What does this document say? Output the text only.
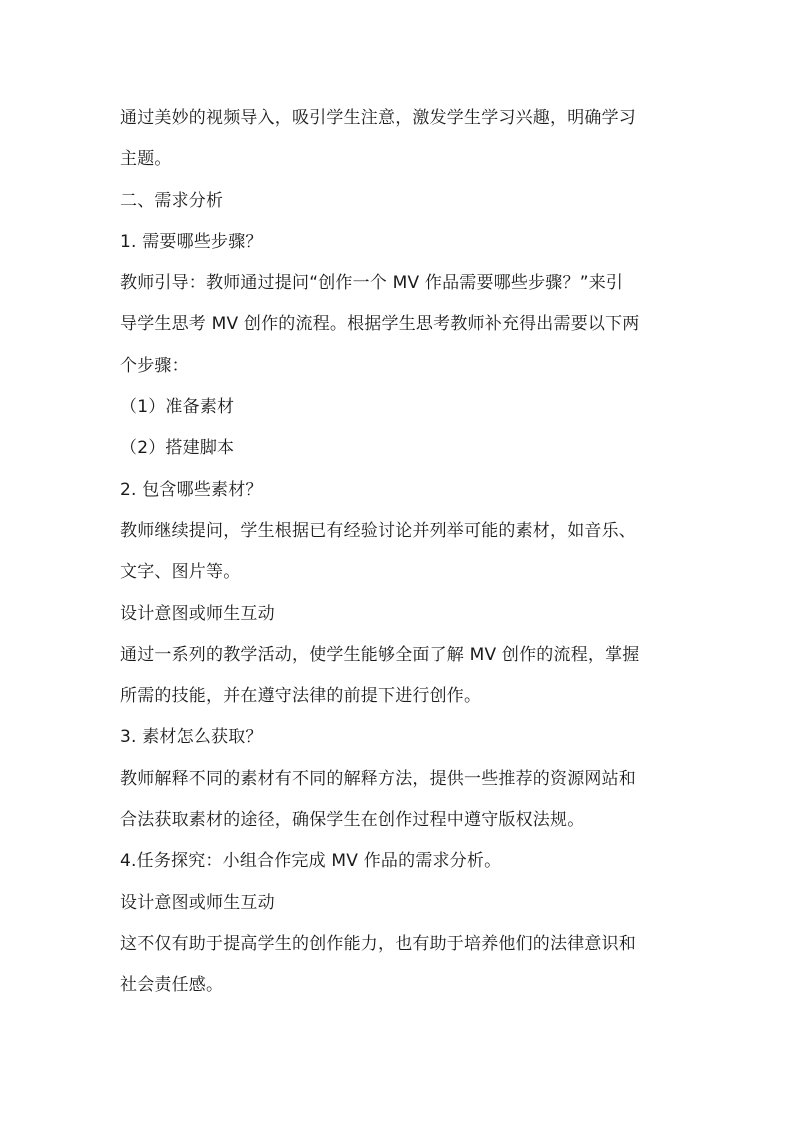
通过美妙的视频导入，吸引学生注意，激发学生学习兴趣，明确学习
主题。
二、需求分析
1. 需要哪些步骤？
教师引导：教师通过提问“创作一个 MV 作品需要哪些步骤？”来引
导学生思考 MV 创作的流程。根据学生思考教师补充得出需要以下两
个步骤：
（1）准备素材
（2）搭建脚本
2. 包含哪些素材？
教师继续提问，学生根据已有经验讨论并列举可能的素材，如音乐、
文字、图片等。
设计意图或师生互动
通过一系列的教学活动，使学生能够全面了解 MV 创作的流程，掌握
所需的技能，并在遵守法律的前提下进行创作。
3. 素材怎么获取？
教师解释不同的素材有不同的解释方法，提供一些推荐的资源网站和
合法获取素材的途径，确保学生在创作过程中遵守版权法规。
4.任务探究：小组合作完成 MV 作品的需求分析。
设计意图或师生互动
这不仅有助于提高学生的创作能力，也有助于培养他们的法律意识和
社会责任感。
